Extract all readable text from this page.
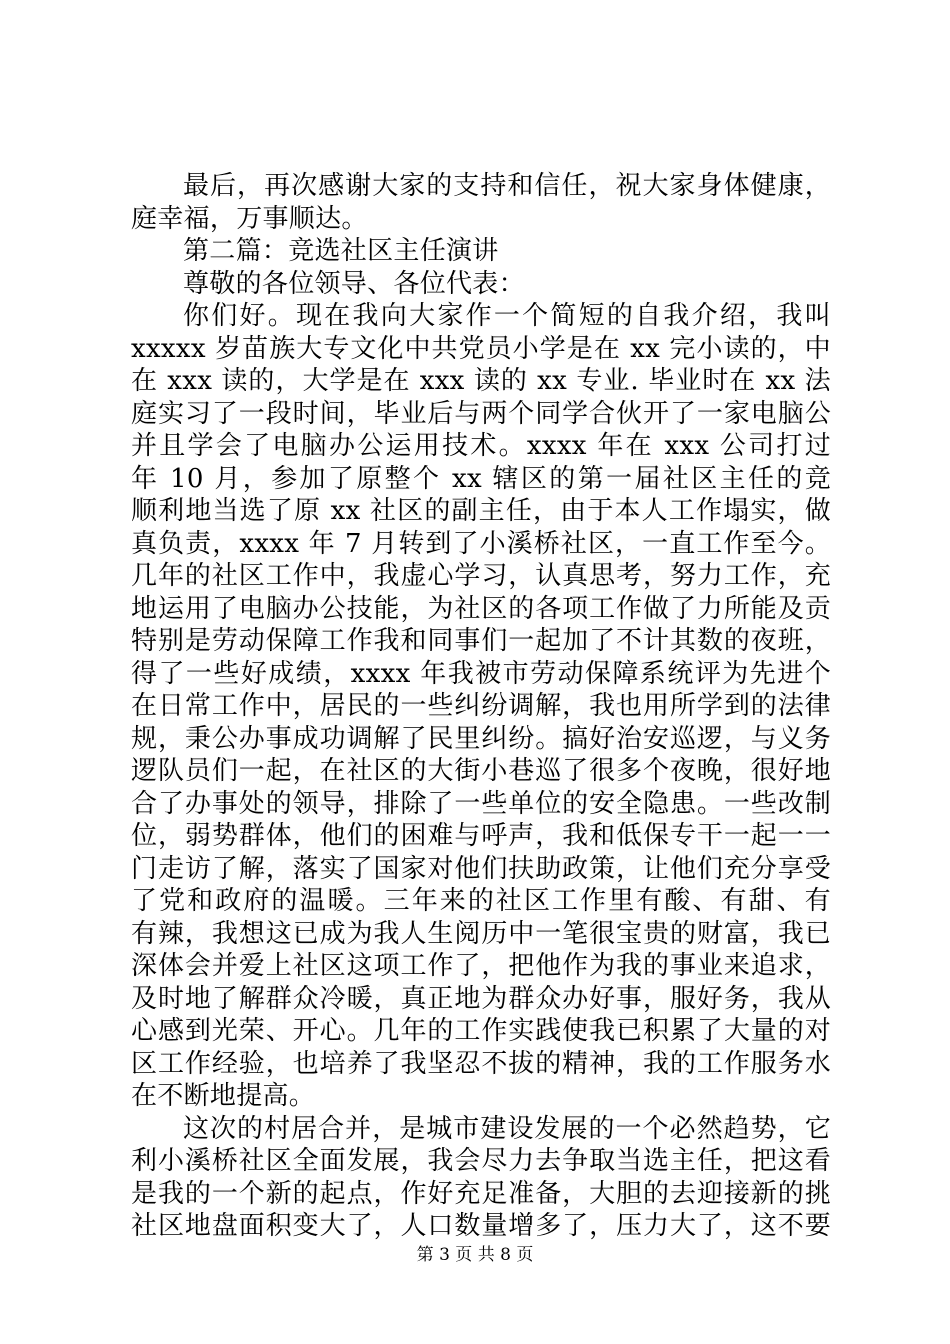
最后，再次感谢大家的支持和信任，祝大家身体健康，
庭幸福，万事顺达。
第二篇：竞选社区主任演讲
尊敬的各位领导、各位代表：
你们好。现在我向大家作一个简短的自我介绍，我叫
xxxxx 岁苗族大专文化中共党员小学是在 xx 完小读的，中
在 xxx 读的，大学是在 xxx 读的 xx 专业. 毕业时在 xx 法
庭实习了一段时间，毕业后与两个同学合伙开了一家电脑公
并且学会了电脑办公运用技术。xxxx 年在 xxx 公司打过
年 10 月，参加了原整个 xx 辖区的第一届社区主任的竞
顺利地当选了原 xx 社区的副主任，由于本人工作塌实，做
真负责，xxxx 年 7 月转到了小溪桥社区，一直工作至今。
几年的社区工作中，我虚心学习，认真思考，努力工作，充
地运用了电脑办公技能，为社区的各项工作做了力所能及贡
特别是劳动保障工作我和同事们一起加了不计其数的夜班，
得了一些好成绩，xxxx 年我被市劳动保障系统评为先进个
在日常工作中，居民的一些纠纷调解，我也用所学到的法律
规，秉公办事成功调解了民里纠纷。搞好治安巡逻，与义务
逻队员们一起，在社区的大街小巷巡了很多个夜晚，很好地
合了办事处的领导，排除了一些单位的安全隐患。一些改制
位，弱势群体，他们的困难与呼声，我和低保专干一起一一
门走访了解，落实了国家对他们扶助政策，让他们充分享受
了党和政府的温暖。三年来的社区工作里有酸、有甜、有
有辣，我想这已成为我人生阅历中一笔很宝贵的财富，我已
深体会并爱上社区这项工作了，把他作为我的事业来追求，
及时地了解群众冷暖，真正地为群众办好事，服好务，我从
心感到光荣、开心。几年的工作实践使我已积累了大量的对
区工作经验，也培养了我坚忍不拔的精神，我的工作服务水
在不断地提高。
这次的村居合并，是城市建设发展的一个必然趋势，它
利小溪桥社区全面发展，我会尽力去争取当选主任，把这看
是我的一个新的起点，作好充足准备，大胆的去迎接新的挑
社区地盘面积变大了，人口数量增多了，压力大了，这不要
第 3 页 共 8 页
